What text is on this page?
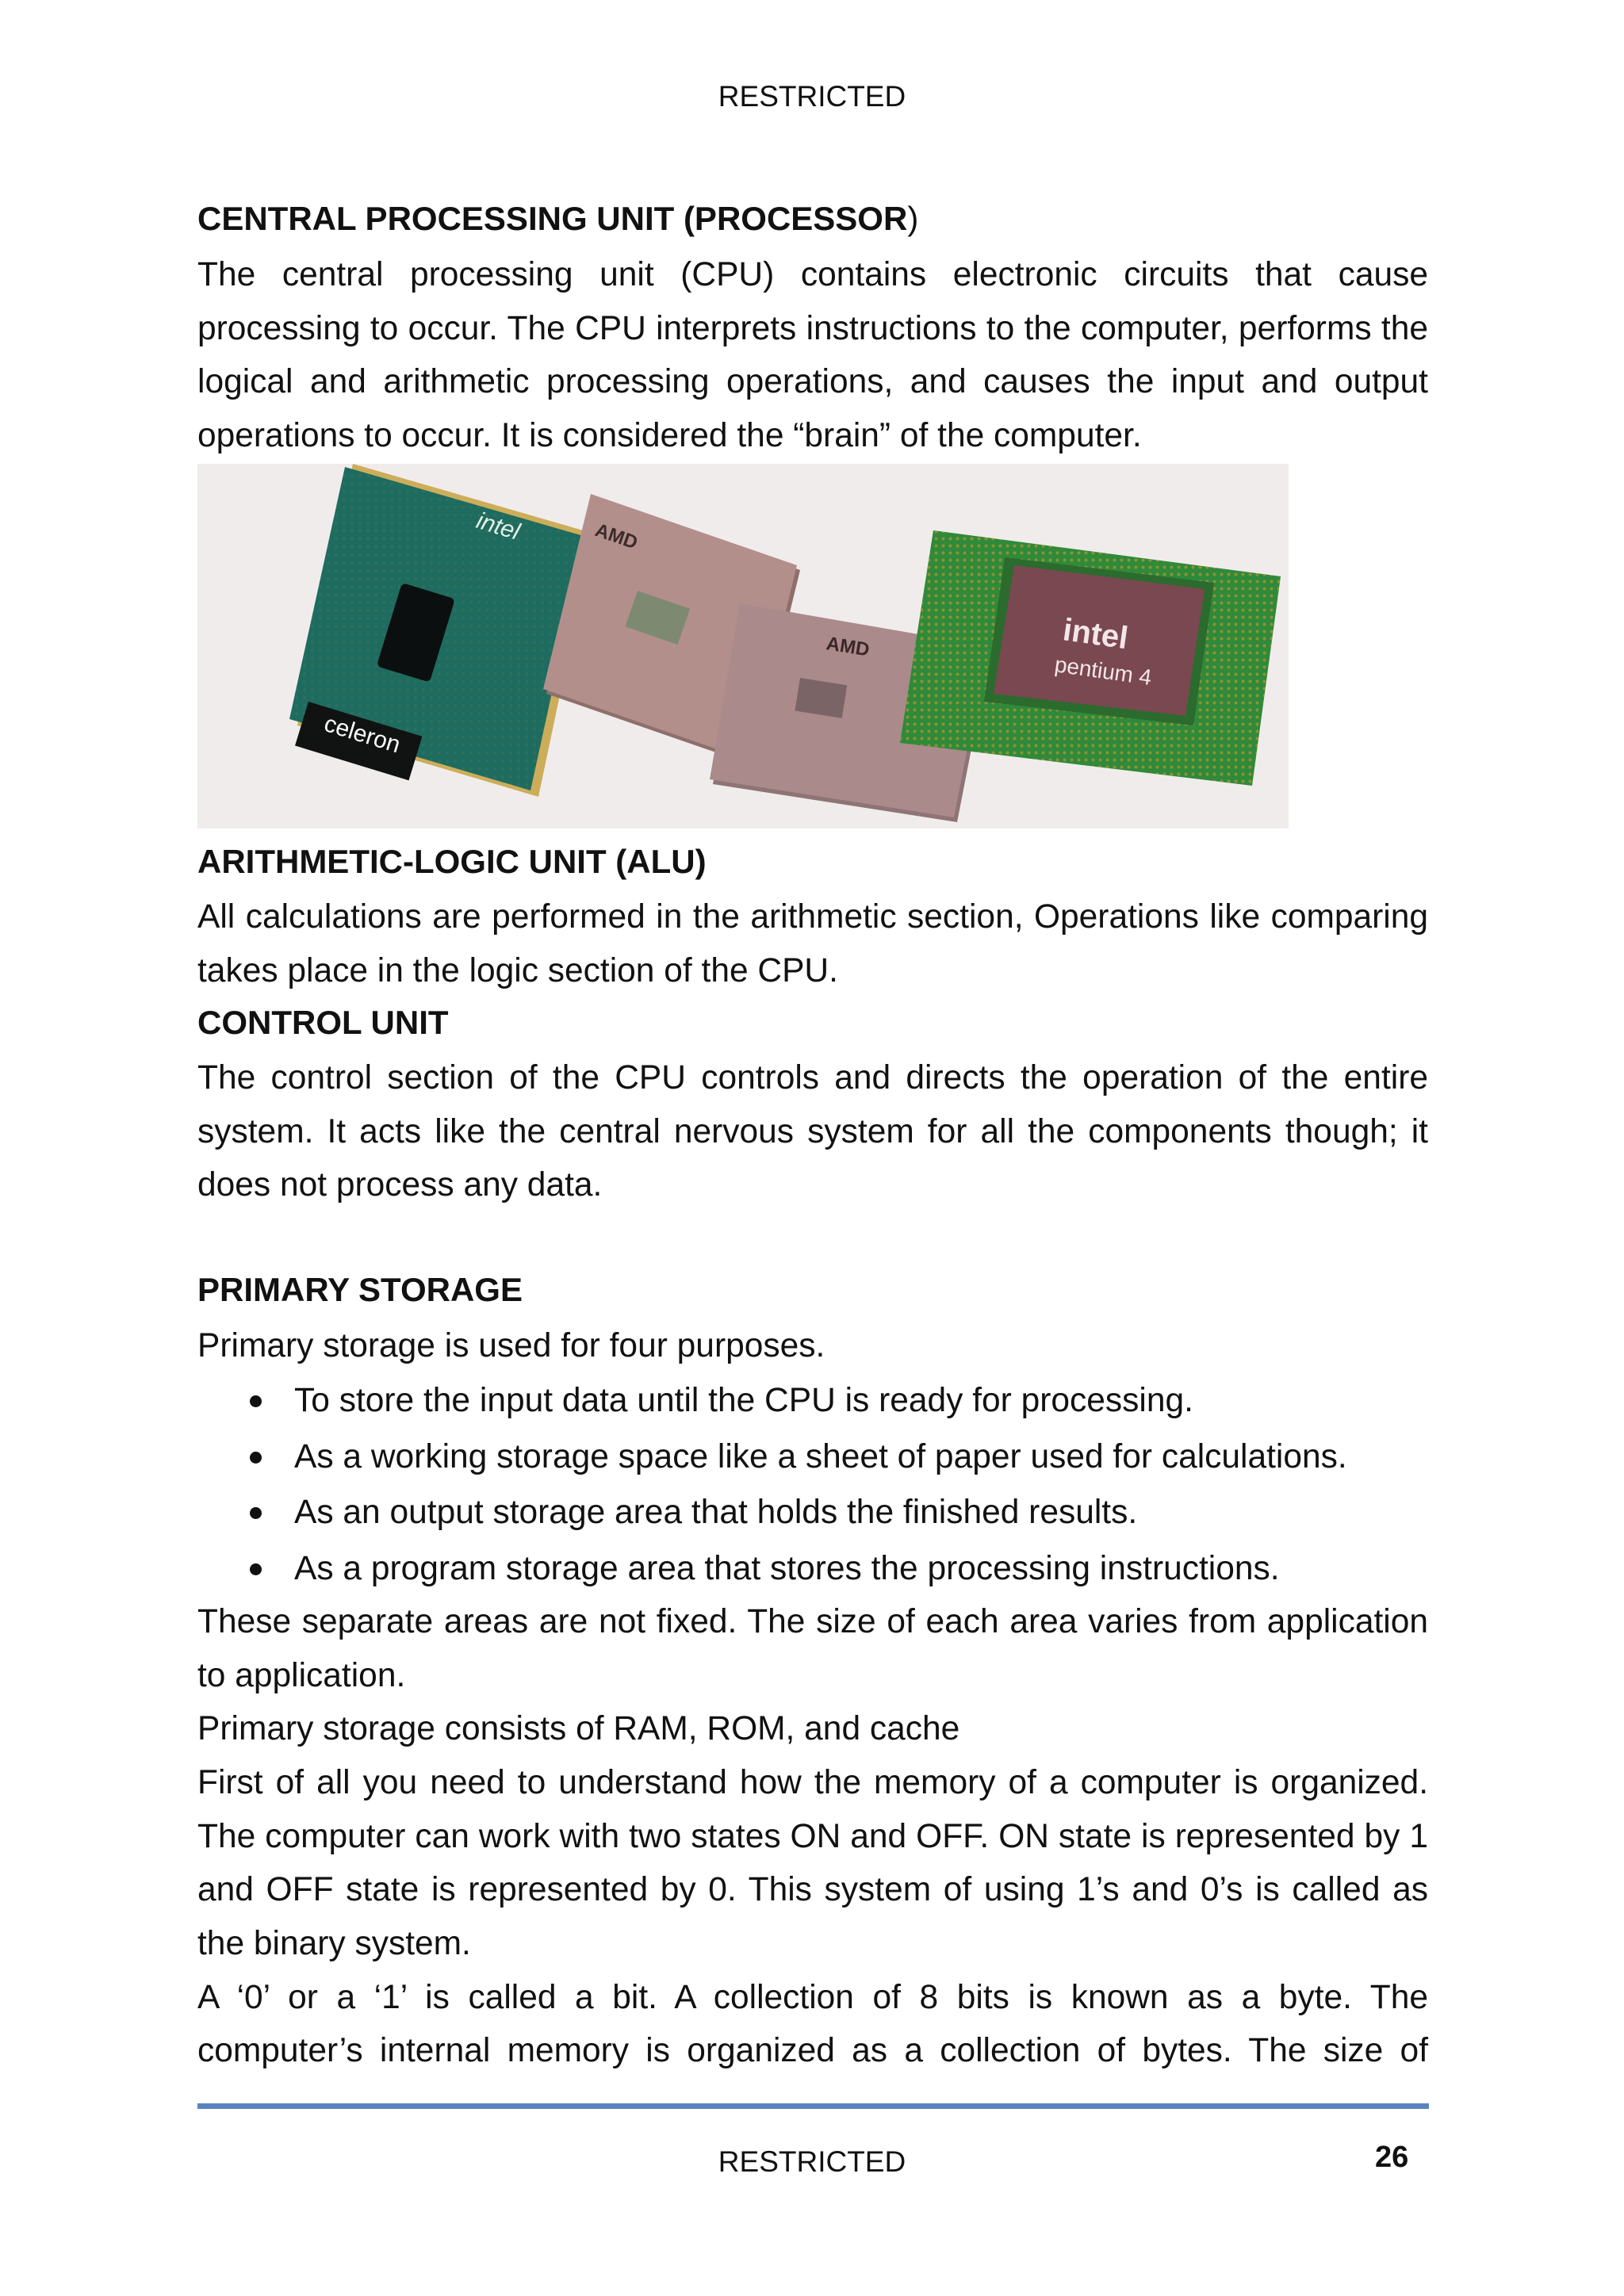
RESTRICTED
CENTRAL PROCESSING UNIT (PROCESSOR)
The central processing unit (CPU) contains electronic circuits that cause processing to occur. The CPU interprets instructions to the computer, performs the logical and arithmetic processing operations, and causes the input and output operations to occur. It is considered the “brain” of the computer.
celeron
intel	AMD
AMD	intel
pentium 4
ARITHMETIC-LOGIC UNIT (ALU)
All calculations are performed in the arithmetic section, Operations like comparing takes place in the logic section of the CPU.
CONTROL UNIT
The control section of the CPU controls and directs the operation of the entire system. It acts like the central nervous system for all the components though; it does not process any data.
PRIMARY STORAGE
Primary storage is used for four purposes.
To store the input data until the CPU is ready for processing.
As a working storage space like a sheet of paper used for calculations.
As an output storage area that holds the finished results.
As a program storage area that stores the processing instructions.
These separate areas are not fixed. The size of each area varies from application to application.
Primary storage consists of RAM, ROM, and cache
First of all you need to understand how the memory of a computer is organized. The computer can work with two states ON and OFF. ON state is represented by 1 and OFF state is represented by 0. This system of using 1’s and 0’s is called as the binary system.
A ‘0’ or a ‘1’ is called a bit. A collection of 8 bits is known as a byte. The
computer’s internal memory is organized as a collection of bytes. The size of
RESTRICTED	26
